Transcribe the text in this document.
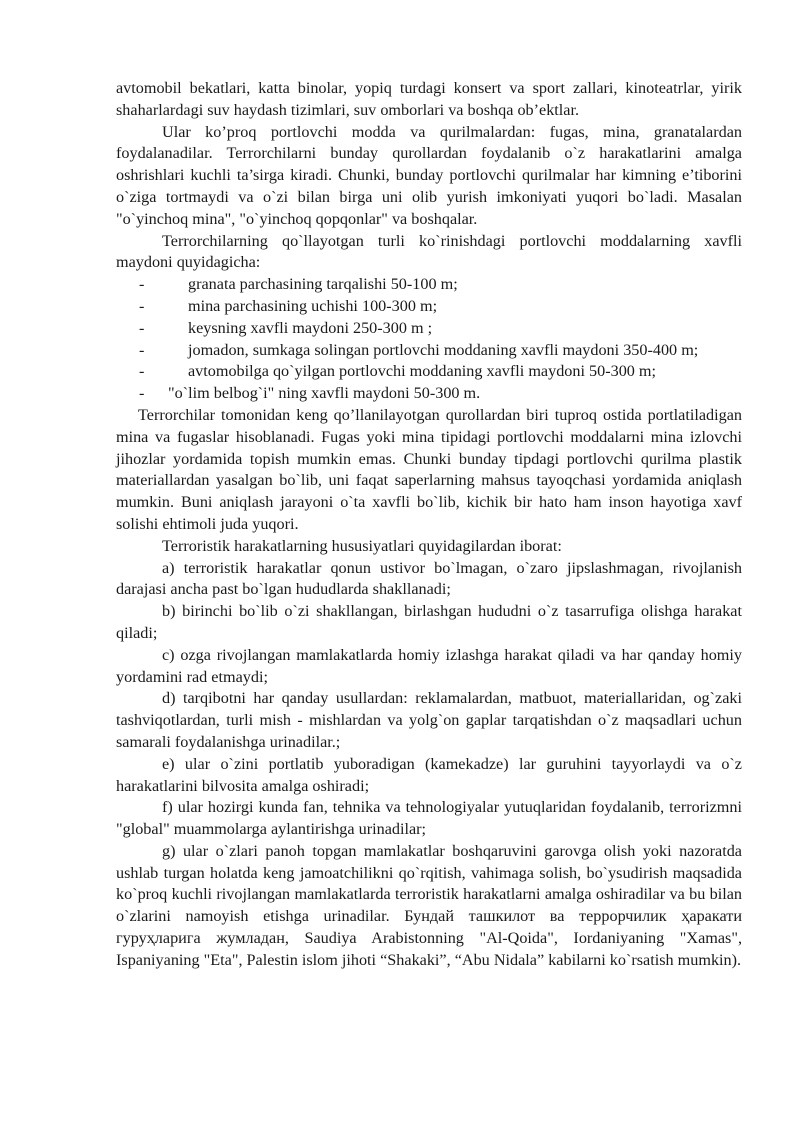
avtomobil bekatlari, katta binolar, yopiq turdagi konsert va sport zallari, kinoteatrlar, yirik shaharlardagi suv haydash tizimlari, suv omborlari va boshqa ob’ektlar.

Ular ko’proq portlovchi modda va qurilmalardan: fugas, mina, granatalardan foydalanadilar. Terrorchilarni bunday qurollardan foydalanib o`z harakatlarini amalga oshrishlari kuchli ta’sirga kiradi. Chunki, bunday portlovchi qurilmalar har kimning e’tiborini o`ziga tortmaydi va o`zi bilan birga uni olib yurish imkoniyati yuqori bo`ladi. Masalan "o`yinchoq mina", "o`yinchoq qopqonlar" va boshqalar.

Terrorchilarning qo`llayotgan turli ko`rinishdagi portlovchi moddalarning xavfli maydoni quyidagicha:

-	granata parchasining tarqalishi 50-100 m;
-	mina parchasining uchishi 100-300 m;
-	keysning xavfli maydoni 250-300 m ;
-	jomadon, sumkaga solingan portlovchi moddaning xavfli maydoni 350-400 m;
-	avtomobilga qo`yilgan portlovchi moddaning xavfli maydoni 50-300 m;
- "o`lim belbog`i" ning xavfli maydoni 50-300 m.

Terrorchilar tomonidan keng qo’llanilayotgan qurollardan biri tuproq ostida portlatiladigan mina va fugaslar hisoblanadi. Fugas yoki mina tipidagi portlovchi moddalarni mina izlovchi jihozlar yordamida topish mumkin emas. Chunki bunday tipdagi portlovchi qurilma plastik materiallardan yasalgan bo`lib, uni faqat saperlarning mahsus tayoqchasi yordamida aniqlash mumkin. Buni aniqlash jarayoni o`ta xavfli bo`lib, kichik bir hato ham inson hayotiga xavf solishi ehtimoli juda yuqori.

Terroristik harakatlarning hususiyatlari quyidagilardan iborat:

a) terroristik harakatlar qonun ustivor bo`lmagan, o`zaro jipslashmagan, rivojlanish darajasi ancha past bo`lgan hududlarda shakllanadi;

b) birinchi bo`lib o`zi shakllangan, birlashgan hududni o`z tasarrufiga olishga harakat qiladi;

c) ozga rivojlangan mamlakatlarda homiy izlashga harakat qiladi va har qanday homiy yordamini rad etmaydi;

d) tarqibotni har qanday usullardan: reklamalardan, matbuot, materiallaridan, og`zaki tashviqotlardan, turli mish - mishlardan va yolg`on gaplar tarqatishdan o`z maqsadlari uchun samarali foydalanishga urinadilar.;

e) ular o`zini portlatib yuboradigan (kamekadze) lar guruhini tayyorlaydi va o`z harakatlarini bilvosita amalga oshiradi;

f) ular hozirgi kunda fan, tehnika va tehnologiyalar yutuqlaridan foydalanib, terrorizmni "global" muammolarga aylantirishga urinadilar;

g) ular o`zlari panoh topgan mamlakatlar boshqaruvini garovga olish yoki nazoratda ushlab turgan holatda keng jamoatchilikni qo`rqitish, vahimaga solish, bo`ysudirish maqsadida ko`proq kuchli rivojlangan mamlakatlarda terroristik harakatlarni amalga oshiradilar va bu bilan o`zlarini namoyish etishga urinadilar. Бундай ташкилот ва террорчилик ҳаракати гуруҳларига жумладан, Saudiya Arabistonning "Al-Qoida", Iordaniyaning "Xamas", Ispaniyaning "Eta", Palestin islom jihoti “Shakaki”, “Abu Nidala” kabilarni ko`rsatish mumkin).
